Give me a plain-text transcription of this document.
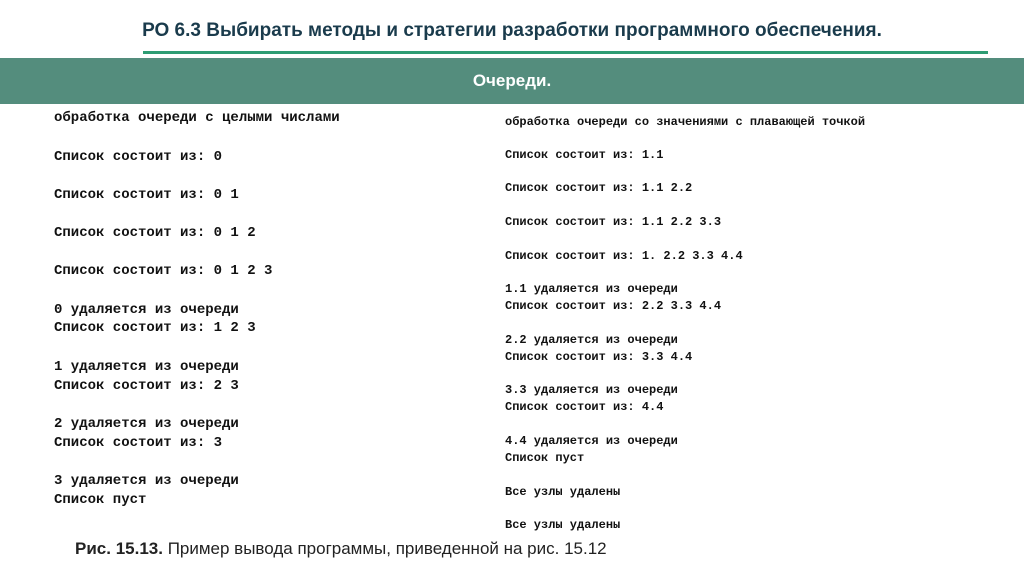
РО 6.3 Выбирать методы и стратегии разработки программного обеспечения.
Очереди.
обработка очереди с целыми числами
Список состоит из: 0
Список состоит из: 0 1
Список состоит из: 0 1 2
Список состоит из: 0 1 2 3
0 удаляется из очереди
Список состоит из: 1 2 3
1 удаляется из очереди
Список состоит из: 2 3
2 удаляется из очереди
Список состоит из: 3
3 удаляется из очереди
Список пуст
обработка очереди со значениями с плавающей точкой
Список состоит из: 1.1
Список состоит из: 1.1 2.2
Список состоит из: 1.1 2.2 3.3
Список состоит из: 1. 2.2 3.3 4.4
1.1 удаляется из очереди
Список состоит из: 2.2 3.3 4.4
2.2 удаляется из очереди
Список состоит из: 3.3 4.4
3.3 удаляется из очереди
Список состоит из: 4.4
4.4 удаляется из очереди
Список пуст
Все узлы удалены
Все узлы удалены
Рис. 15.13. Пример вывода программы, приведенной на рис. 15.12
